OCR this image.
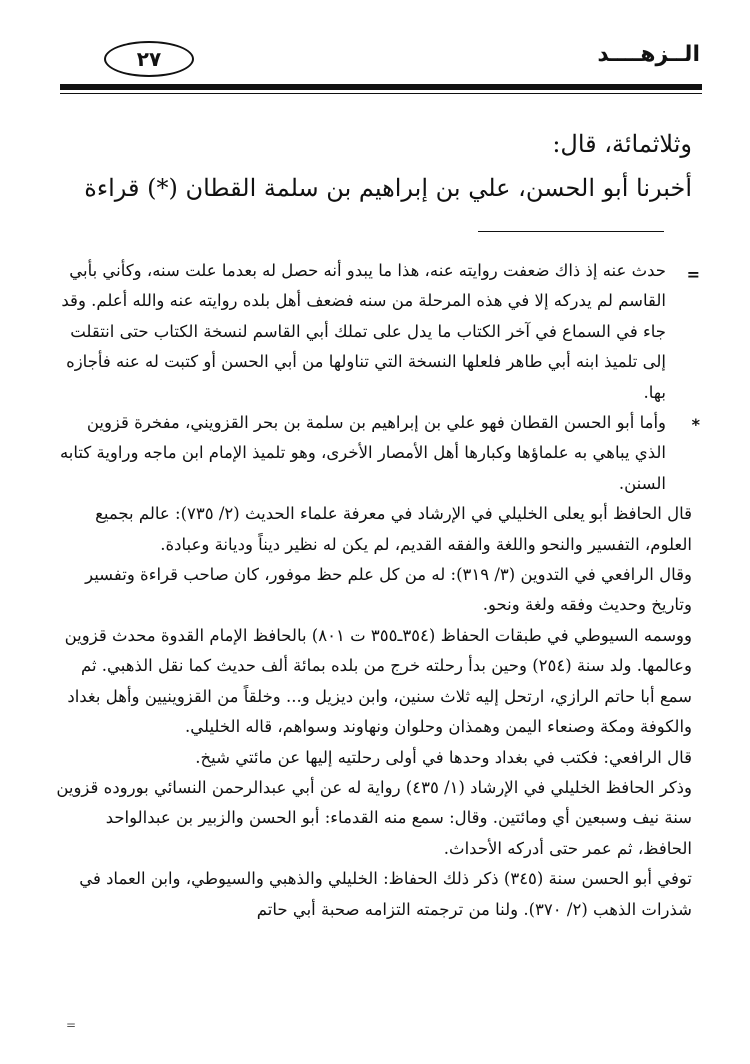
٢٧	الــزهــــد

وثلاثمائة، قال:

أخبرنا أبو الحسن، علي بن إبراهيم بن سلمة القطان (*) قراءة

=

حدث عنه إذ ذاك ضعفت روايته عنه، هذا ما يبدو أنه حصل له بعدما علت سنه، وكأني بأبي القاسم لم يدركه إلا في هذه المرحلة من سنه فضعف أهل بلده روايته عنه والله أعلم. وقد جاء في السماع في آخر الكتاب ما يدل على تملك أبي القاسم لنسخة الكتاب حتى انتقلت إلى تلميذ ابنه أبي طاهر فلعلها النسخة التي تناولها من أبي الحسن أو كتبت له عنه فأجازه بها.

*

وأما أبو الحسن القطان فهو علي بن إبراهيم بن سلمة بن بحر القزويني، مفخرة قزوين الذي يباهي به علماؤها وكبارها أهل الأمصار الأخرى، وهو تلميذ الإمام ابن ماجه وراوية كتابه السنن.

قال الحافظ أبو يعلى الخليلي في الإرشاد في معرفة علماء الحديث (٢/ ٧٣٥): عالم بجميع العلوم، التفسير والنحو واللغة والفقه القديم، لم يكن له نظير ديناً وديانة وعبادة.

وقال الرافعي في التدوين (٣/ ٣١٩): له من كل علم حظ موفور، كان صاحب قراءة وتفسير وتاريخ وحديث وفقه ولغة ونحو.

ووسمه السيوطي في طبقات الحفاظ (٣٥٤ـ٣٥٥ ت ٨٠١) بالحافظ الإمام القدوة محدث قزوين وعالمها. ولد سنة (٢٥٤) وحين بدأ رحلته خرج من بلده بمائة ألف حديث كما نقل الذهبي. ثم سمع أبا حاتم الرازي، ارتحل إليه ثلاث سنين، وابن ديزيل و... وخلقاً من القزوينيين وأهل بغداد والكوفة ومكة وصنعاء اليمن وهمذان وحلوان ونهاوند وسواهم، قاله الخليلي.

قال الرافعي: فكتب في بغداد وحدها في أولى رحلتيه إليها عن مائتي شيخ.

وذكر الحافظ الخليلي في الإرشاد (١/ ٤٣٥) رواية له عن أبي عبدالرحمن النسائي بوروده قزوين سنة نيف وسبعين أي ومائتين. وقال: سمع منه القدماء: أبو الحسن والزبير بن عبدالواحد الحافظ، ثم عمر حتى أدركه الأحداث.

توفي أبو الحسن سنة (٣٤٥) ذكر ذلك الحفاظ: الخليلي والذهبي والسيوطي، وابن العماد في شذرات الذهب (٢/ ٣٧٠). ولنا من ترجمته التزامه صحبة أبي حاتم

=
